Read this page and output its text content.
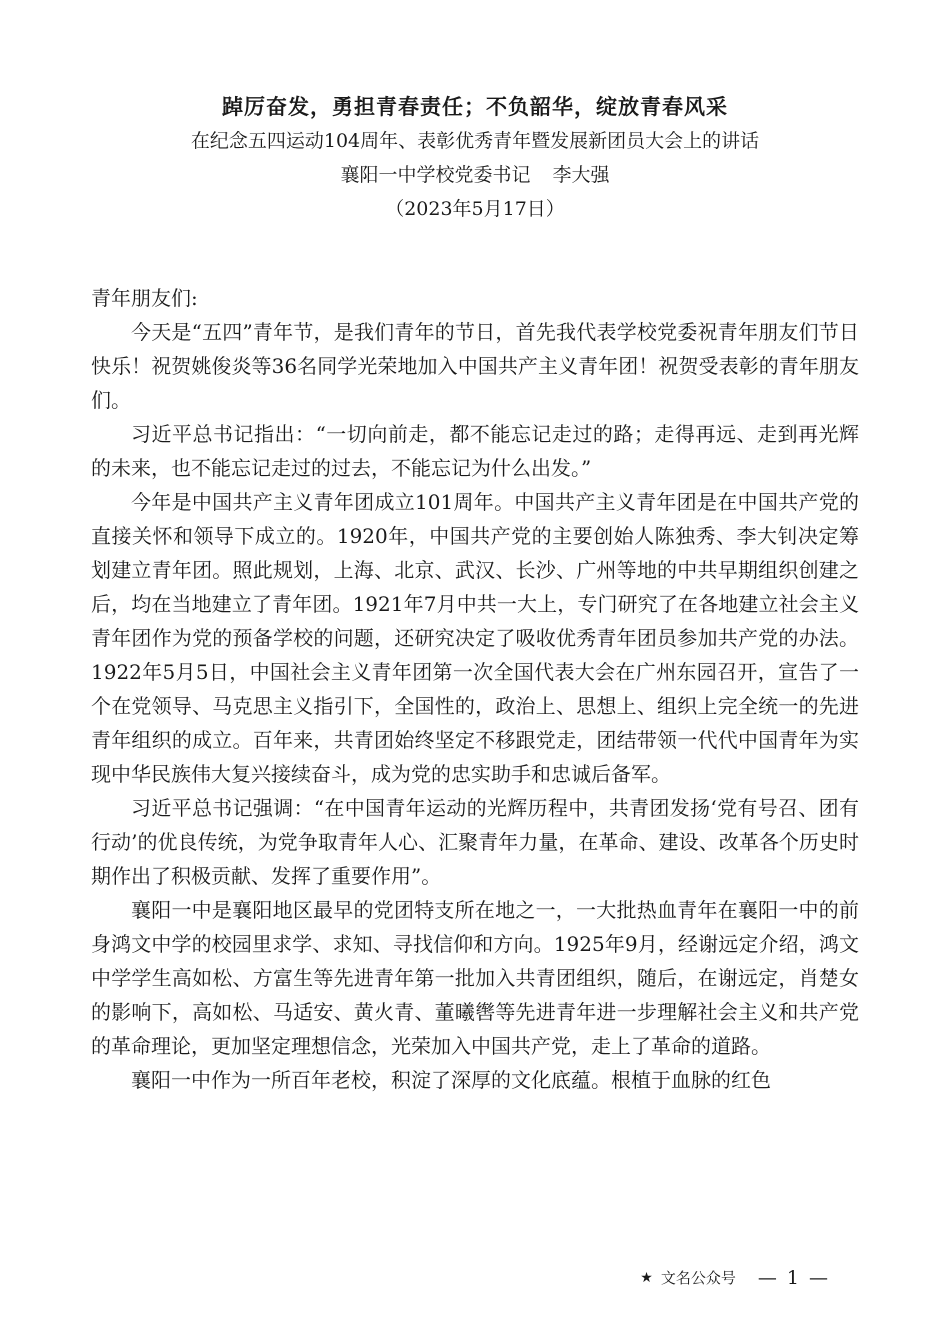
踔厉奋发，勇担青春责任；不负韶华，绽放青春风采
在纪念五四运动104周年、表彰优秀青年暨发展新团员大会上的讲话
襄阳一中学校党委书记 李大强
（2023年5月17日）

青年朋友们:

今天是“五四”青年节，是我们青年的节日，首先我代表学校党委祝青年朋友们节日快乐！祝贺姚俊炎等36名同学光荣地加入中国共产主义青年团！祝贺受表彰的青年朋友们。

习近平总书记指出：“一切向前走，都不能忘记走过的路；走得再远、走到再光辉的未来，也不能忘记走过的过去，不能忘记为什么出发。”

今年是中国共产主义青年团成立101周年。中国共产主义青年团是在中国共产党的直接关怀和领导下成立的。1920年，中国共产党的主要创始人陈独秀、李大钊决定筹划建立青年团。照此规划，上海、北京、武汉、长沙、广州等地的中共早期组织创建之后，均在当地建立了青年团。1921年7月中共一大上，专门研究了在各地建立社会主义青年团作为党的预备学校的问题，还研究决定了吸收优秀青年团员参加共产党的办法。1922年5月5日，中国社会主义青年团第一次全国代表大会在广州东园召开，宣告了一个在党领导、马克思主义指引下，全国性的，政治上、思想上、组织上完全统一的先进青年组织的成立。百年来，共青团始终坚定不移跟党走，团结带领一代代中国青年为实现中华民族伟大复兴接续奋斗，成为党的忠实助手和忠诚后备军。

习近平总书记强调：“在中国青年运动的光辉历程中，共青团发扬‘党有号召、团有行动’的优良传统，为党争取青年人心、汇聚青年力量，在革命、建设、改革各个历史时期作出了积极贡献、发挥了重要作用”。

襄阳一中是襄阳地区最早的党团特支所在地之一，一大批热血青年在襄阳一中的前身鸿文中学的校园里求学、求知、寻找信仰和方向。1925年9月，经谢远定介绍，鸿文中学学生高如松、方富生等先进青年第一批加入共青团组织，随后，在谢远定，肖楚女的影响下，高如松、马适安、黄火青、董曦辔等先进青年进一步理解社会主义和共产党的革命理论，更加坚定理想信念，光荣加入中国共产党，走上了革命的道路。

襄阳一中作为一所百年老校，积淀了深厚的文化底蕴。根植于血脉的红色

★ 文名公众号 — 1 —
